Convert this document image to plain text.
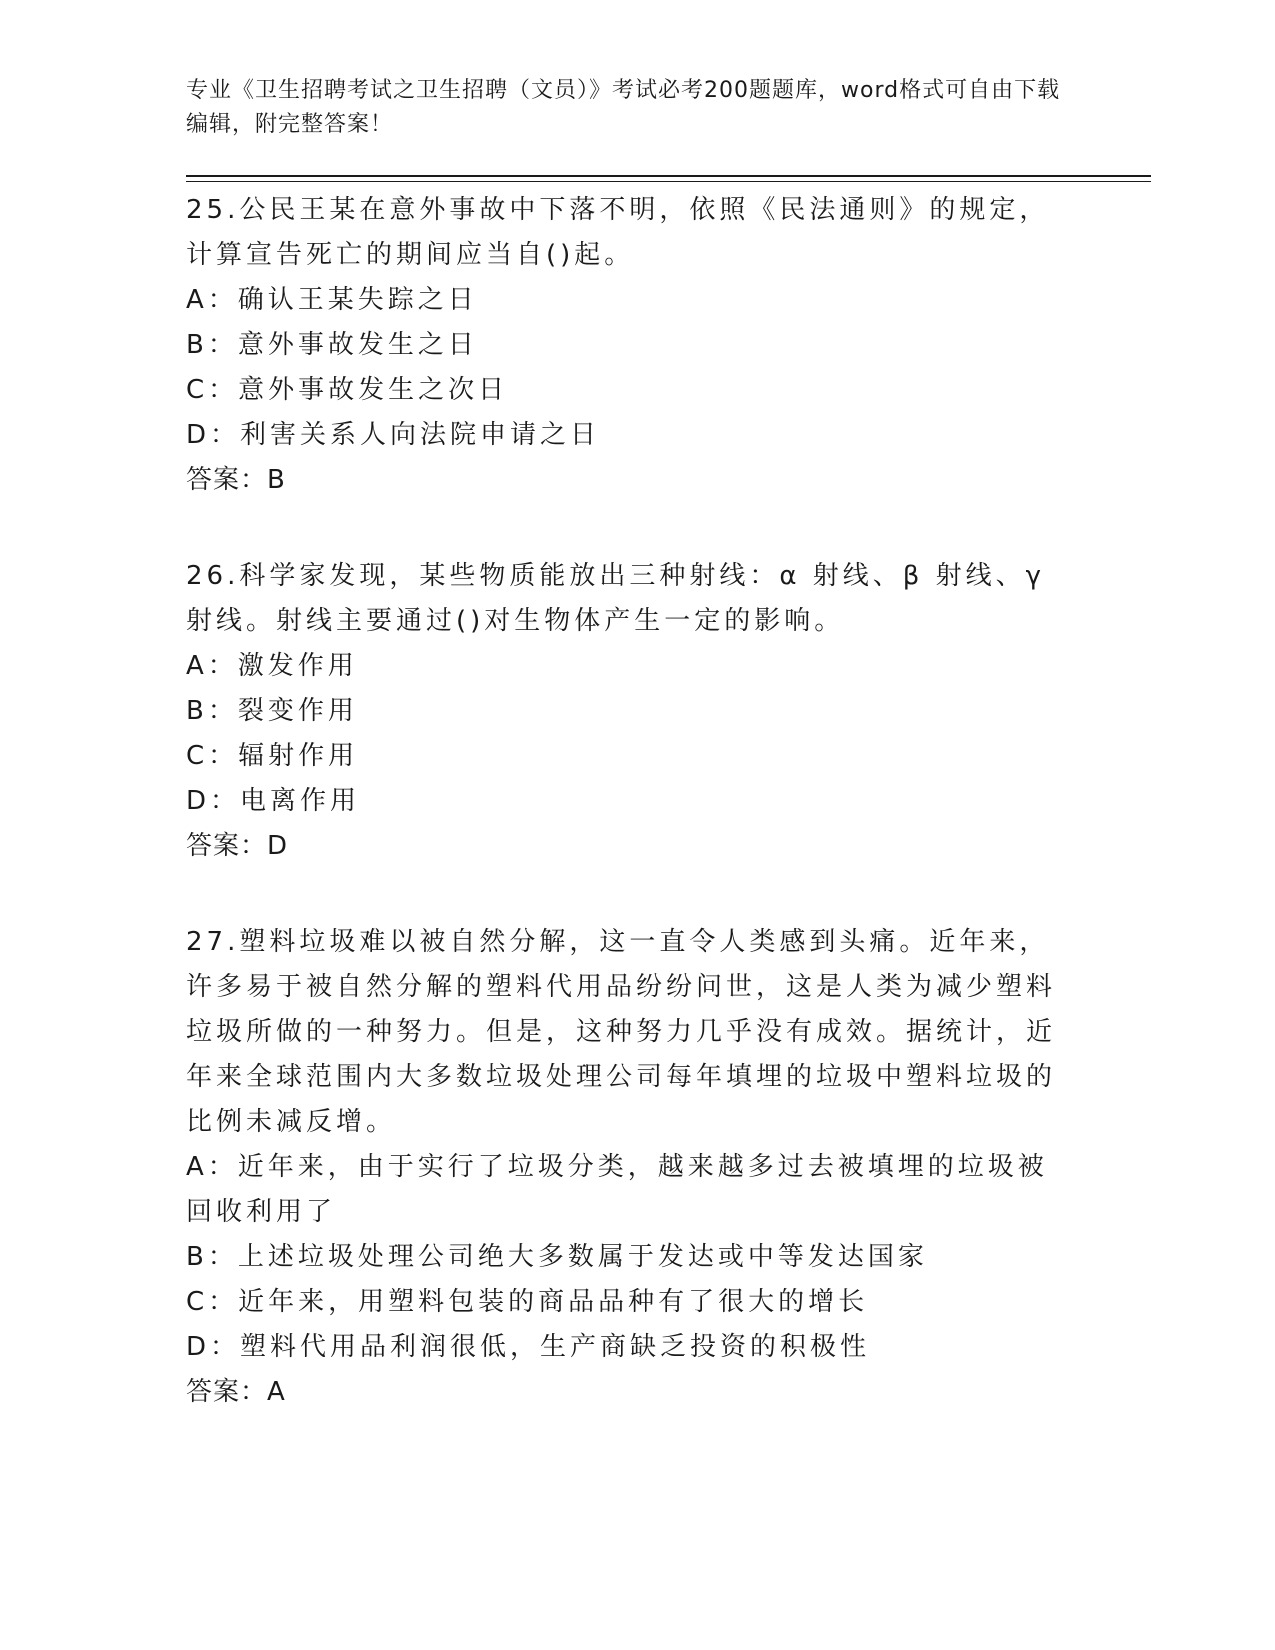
专业《卫生招聘考试之卫生招聘（文员）》考试必考200题题库，word格式可自由下载编辑，附完整答案！

25.公民王某在意外事故中下落不明，依照《民法通则》的规定，计算宣告死亡的期间应当自()起。

A：确认王某失踪之日

B：意外事故发生之日

C：意外事故发生之次日

D：利害关系人向法院申请之日

答案：B

26.科学家发现，某些物质能放出三种射线：α 射线、β 射线、γ 射线。射线主要通过()对生物体产生一定的影响。

A：激发作用

B：裂变作用

C：辐射作用

D：电离作用

答案：D

27.塑料垃圾难以被自然分解，这一直令人类感到头痛。近年来，许多易于被自然分解的塑料代用品纷纷问世，这是人类为减少塑料垃圾所做的一种努力。但是，这种努力几乎没有成效。据统计，近年来全球范围内大多数垃圾处理公司每年填埋的垃圾中塑料垃圾的比例未减反增。

A：近年来，由于实行了垃圾分类，越来越多过去被填埋的垃圾被回收利用了

B：上述垃圾处理公司绝大多数属于发达或中等发达国家

C：近年来，用塑料包装的商品品种有了很大的增长

D：塑料代用品利润很低，生产商缺乏投资的积极性

答案：A
